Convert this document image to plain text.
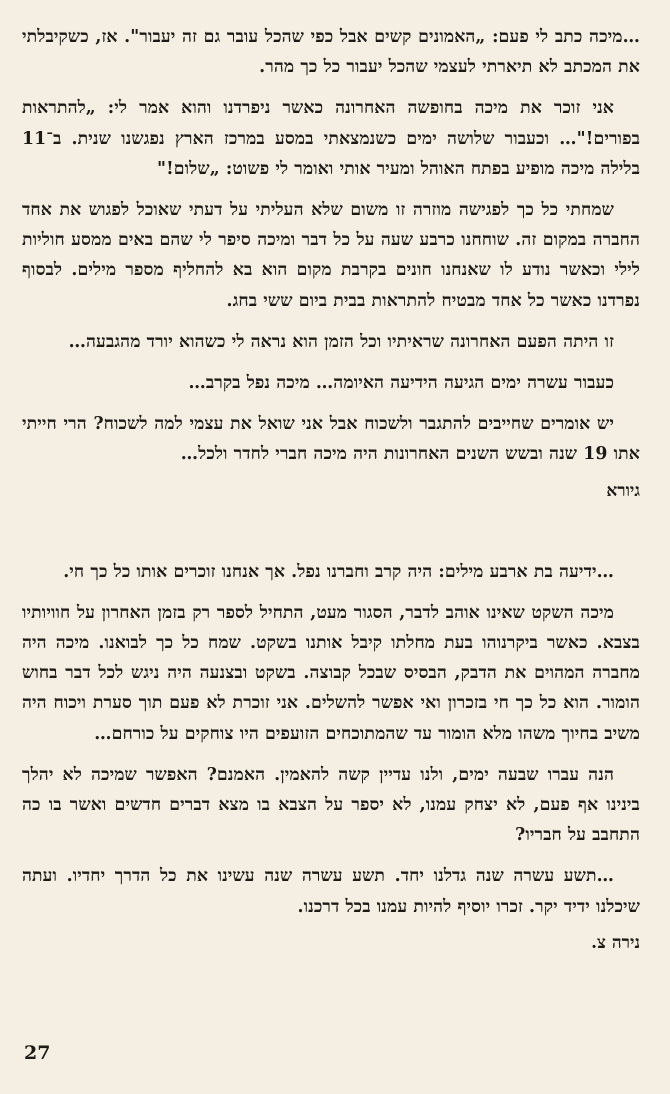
…מיכה כתב לי פעם: „האמונים קשים אבל כפי שהכל עובר גם זה יעבור". אז, כשקיבלתי את המכתב לא תיארתי לעצמי שהכל יעבור כל כך מהר.

אני זוכר את מיכה בחופשה האחרונה כאשר ניפרדנו והוא אמר לי: „להתראות בפורים!"… וכעבור שלושה ימים כשנמצאתי במסע במרכז הארץ נפגשנו שנית. ב־11 בלילה מיכה מופיע בפתח האוהל ומעיר אותי ואומר לי פשוט: „שלום!"

שמחתי כל כך לפגישה מוזרה זו משום שלא העליתי על דעתי שאוכל לפגוש את אחד החברה במקום זה. שוחחנו כרבע שעה על כל דבר ומיכה סיפר לי שהם באים ממסע חוליות לילי וכאשר נודע לו שאנחנו חונים בקרבת מקום הוא בא להחליף מספר מילים. לבסוף נפרדנו כאשר כל אחד מבטיח להתראות בבית ביום ששי בחג.

זו היתה הפעם האחרונה שראיתיו וכל הזמן הוא נראה לי כשהוא יורד מהגבעה…

כעבור עשרה ימים הגיעה הידיעה האיומה… מיכה נפל בקרב…

יש אומרים שחייבים להתגבר ולשכוח אבל אני שואל את עצמי למה לשכוח? הרי חייתי אתו 19 שנה ובשש השנים האחרונות היה מיכה חברי לחדר ולכל…

גיורא

…ידיעה בת ארבע מילים: היה קרב וחברנו נפל. אך אנחנו זוכרים אותו כל כך חי.

מיכה השקט שאינו אוהב לדבר, הסגור מעט, התחיל לספר רק בזמן האחרון על חוויותיו בצבא. כאשר ביקרנוהו בעת מחלתו קיבל אותנו בשקט. שמח כל כך לבואנו. מיכה היה מחברה המהוים את הדבק, הבסיס שבכל קבוצה. בשקט ובצנעה היה ניגש לכל דבר בחוש הומור. הוא כל כך חי בזכרון ואי אפשר להשלים. אני זוכרת לא פעם תוך סערת ויכוח היה משיב בחיוך משהו מלא הומור עד שהמתוכחים הזועפים היו צוחקים על כורחם…

הנה עברו שבעה ימים, ולנו עדיין קשה להאמין. האמנם? האפשר שמיכה לא יהלך בינינו אף פעם, לא יצחק עמנו, לא יספר על הצבא בו מצא דברים חדשים ואשר בו כה התחבב על חבריו?

…תשע עשרה שנה גדלנו יחד. תשע עשרה שנה עשינו את כל הדרך יחדיו. ועתה שיכלנו ידיד יקר. זכרו יוסיף להיות עמנו בכל דרכנו.

נירה צ.
27
